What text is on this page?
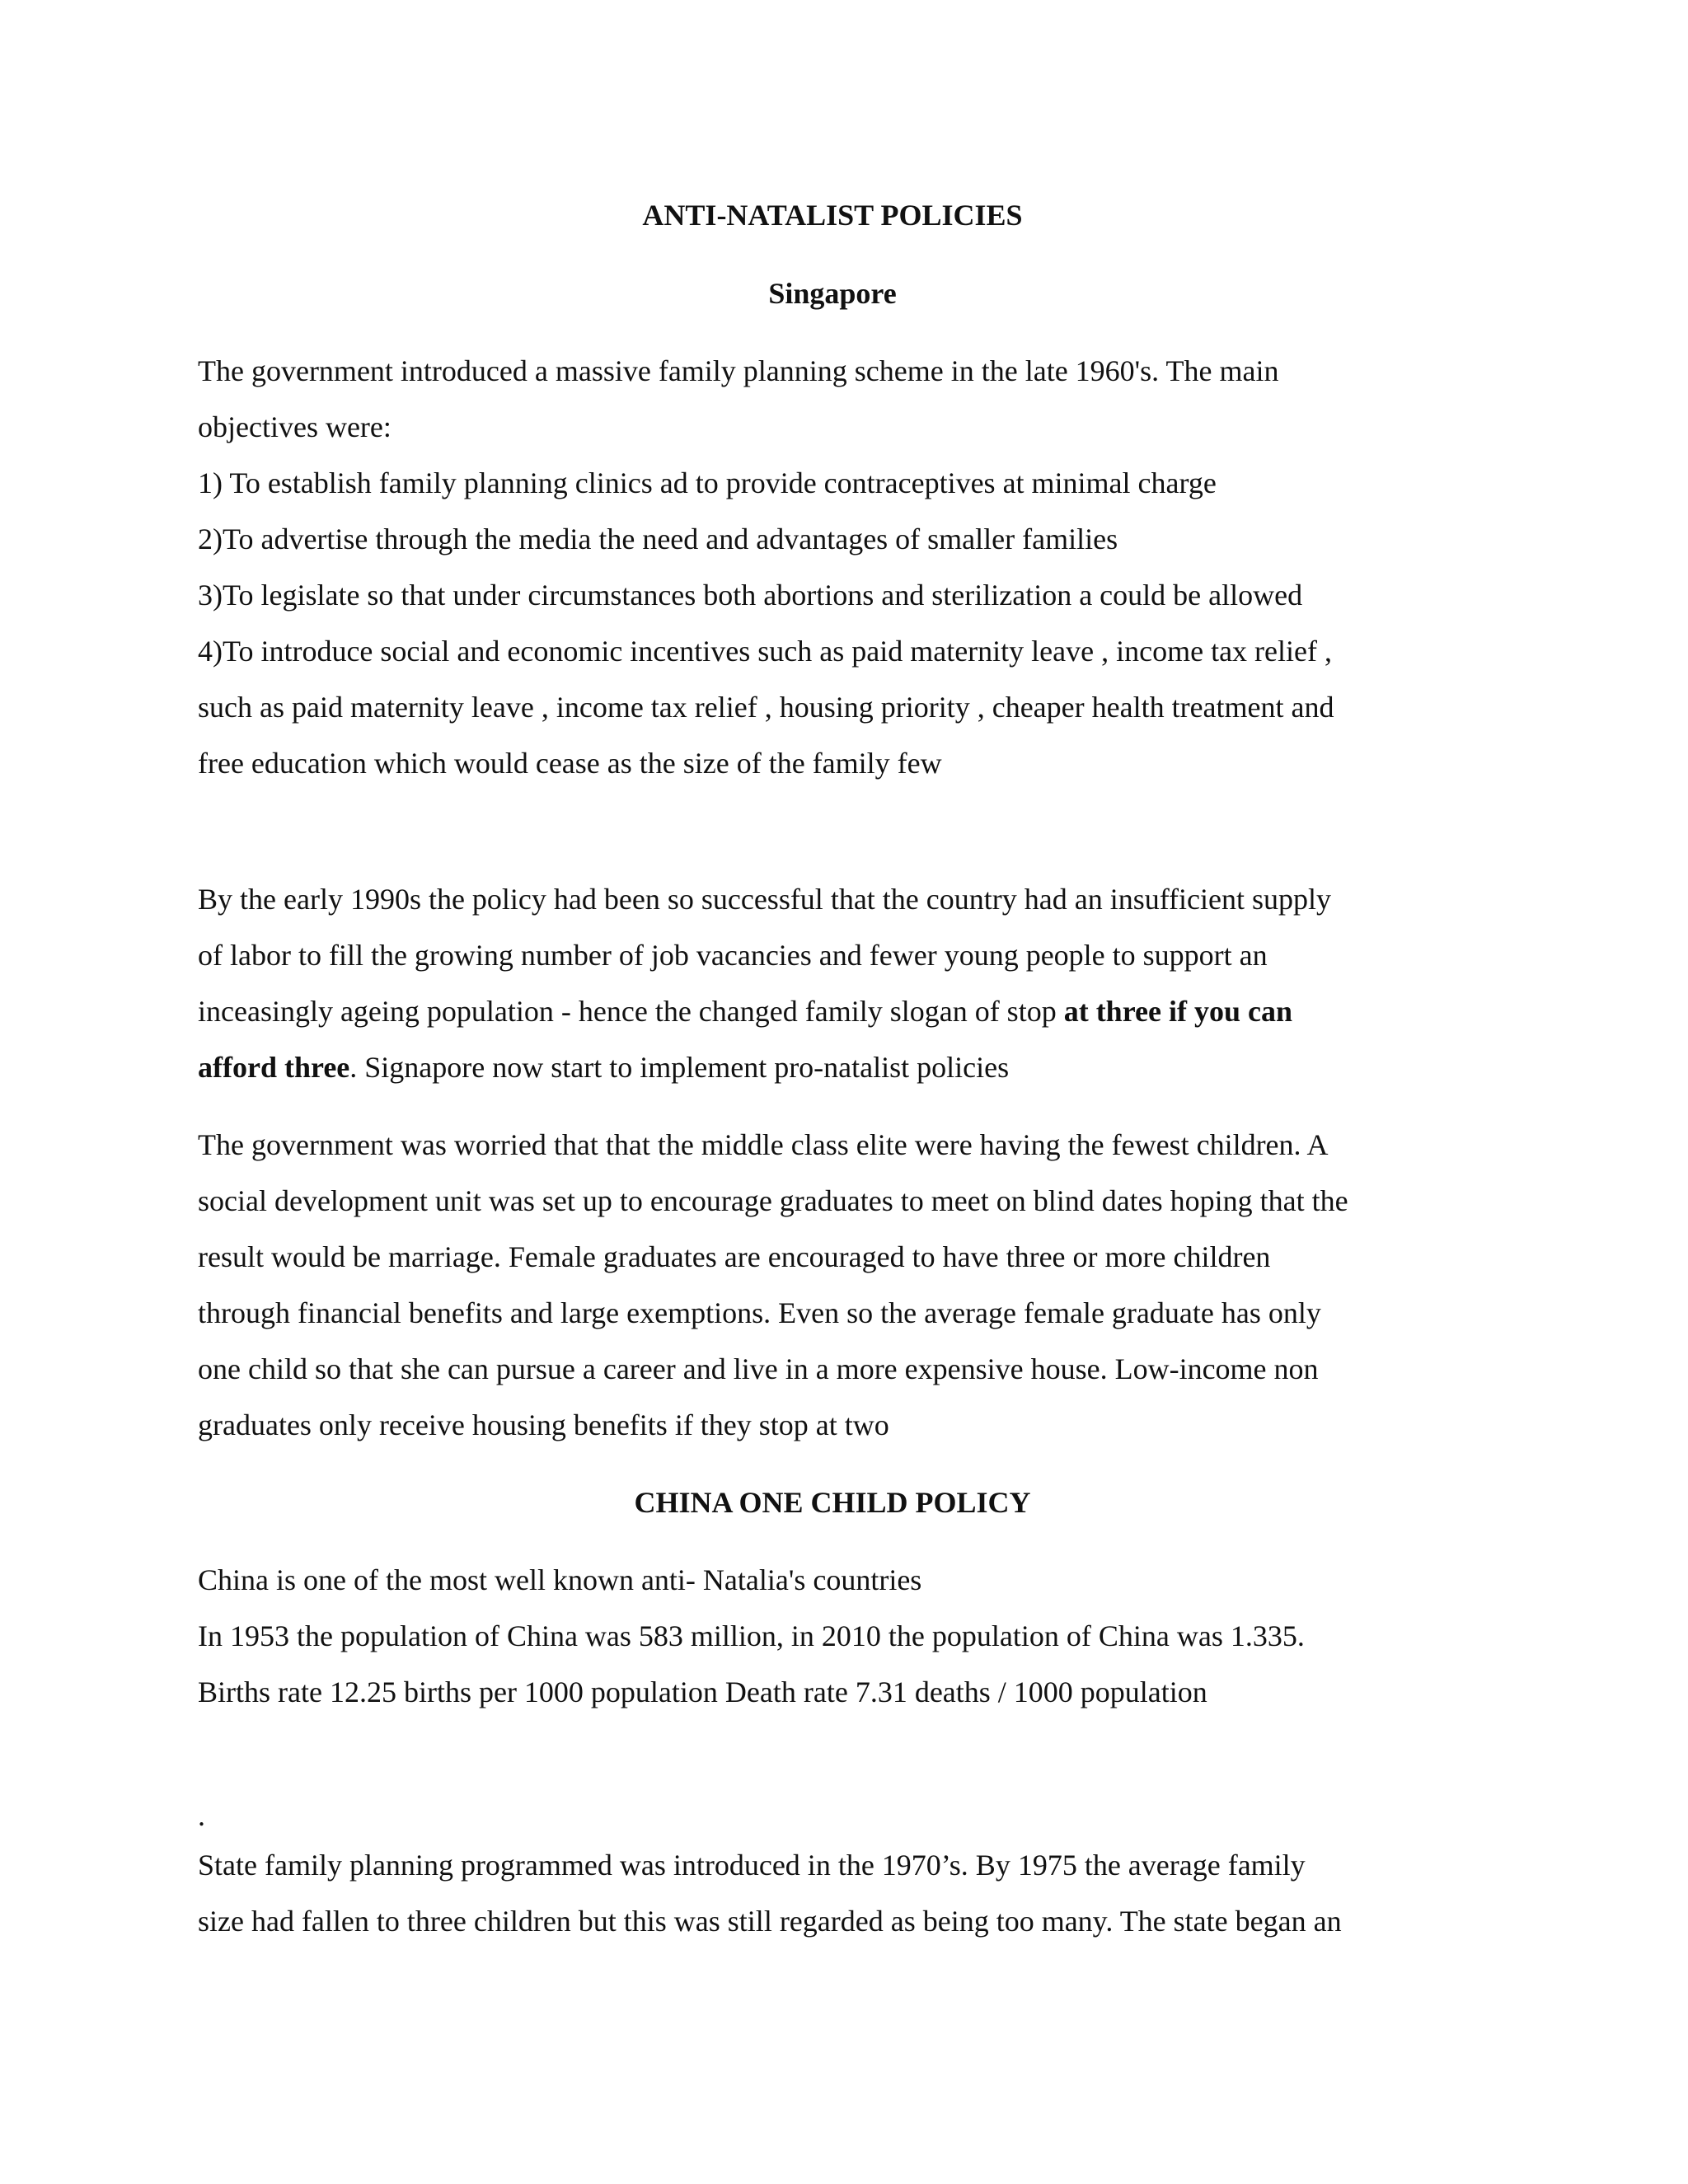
ANTI-NATALIST POLICIES
Singapore
The government introduced a massive family planning scheme in the late 1960's. The main
objectives were:
1) To establish family planning clinics ad to provide contraceptives at minimal charge
2)To advertise through the media the need and advantages of smaller families
3)To legislate so that under circumstances both abortions and sterilization a could be allowed
4)To introduce social and economic incentives such as paid maternity leave , income tax relief ,
such as paid maternity leave , income tax relief , housing priority , cheaper health treatment and
free education which would cease as the size of the family few
By the early 1990s the policy had been so successful that the country had an insufficient supply
of labor to fill the growing number of job vacancies and fewer young people to support an
inceasingly ageing population - hence the changed family slogan of stop at three if you can
afford three. Signapore now start to implement pro-natalist policies
The government was worried that that the middle class elite were having the fewest children. A
social development unit was set up to encourage graduates to meet on blind dates hoping that the
result would be marriage. Female graduates are encouraged to have three or more children
through financial benefits and large exemptions. Even so the average female graduate has only
one child so that she can pursue a career and live in a more expensive house. Low-income non
graduates only receive housing benefits if they stop at two
CHINA ONE CHILD POLICY
China is one of the most well known anti- Natalia's countries
In 1953 the population of China was 583 million, in 2010 the population of China was 1.335.
Births rate 12.25 births per 1000 population Death rate 7.31 deaths / 1000 population
.
State family planning programmed was introduced in the 1970’s. By 1975 the average family
size had fallen to three children but this was still regarded as being too many. The state began an
